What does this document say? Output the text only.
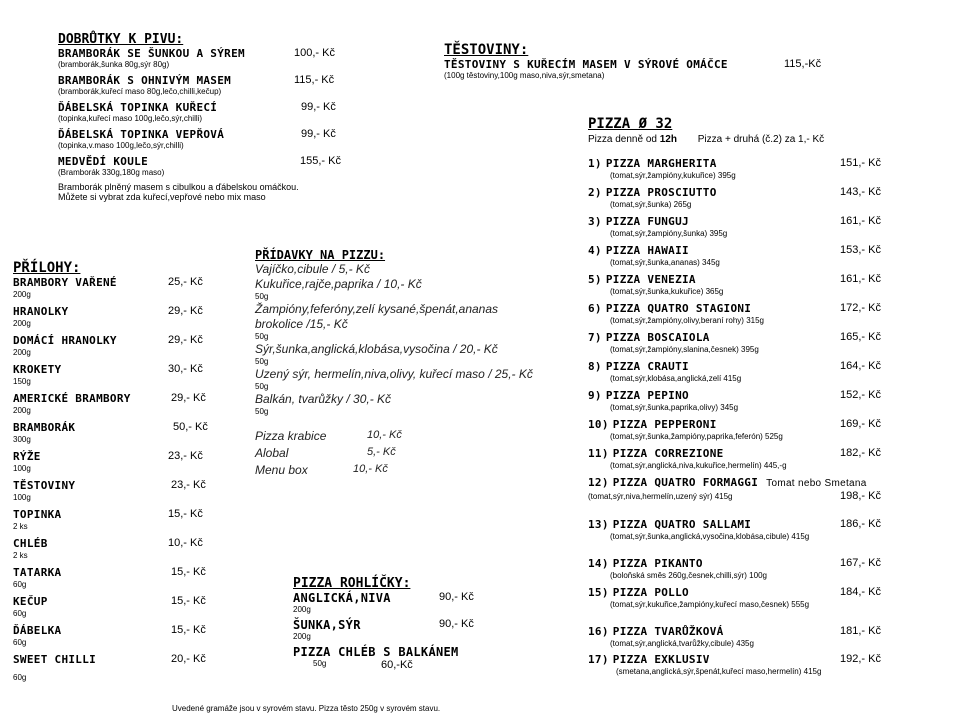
DOBRŮTKY K PIVU:
BRAMBORÁK SE ŠUNKOU A SÝREM	100,- Kč
(bramborák,šunka 80g,sýr 80g)
BRAMBORÁK S OHNIVÝM MASEM	115,- Kč
(bramborák,kuřecí maso 80g,lečo,chilli,kečup)
ĎÁBELSKÁ TOPINKA KUŘECÍ	99,- Kč
(topinka,kuřecí maso 100g,lečo,sýr,chilli)
ĎÁBELSKÁ TOPINKA VEPŘOVÁ	99,- Kč
(topinka,v.maso 100g,lečo,sýr,chilli)
MEDVĚDÍ KOULE	155,- Kč
(Bramborák 330g,180g maso)
Bramborák plněný masem s cibulkou a ďábelskou omáčkou.
Můžete si vybrat zda kuřecí,vepřové nebo mix maso
TĚSTOVINY:
TĚSTOVINY S KUŘECÍM MASEM V SÝROVÉ OMÁČCE	115,-Kč
(100g těstoviny,100g maso,niva,sýr,smetana)
PŘÍLOHY:
BRAMBORY VAŘENÉ	25,- Kč
200g
HRANOLKY	29,- Kč
200g
DOMÁCÍ HRANOLKY	29,- Kč
200g
KROKETY	30,- Kč
150g
AMERICKÉ BRAMBORY	29,- Kč
200g
BRAMBORÁK	50,- Kč
300g
RÝŽE	23,- Kč
100g
TĚSTOVINY	23,- Kč
100g
TOPINKA	15,- Kč
2 ks
CHLÉB	10,- Kč
2 ks
TATARKA	15,- Kč
60g
KEČUP	15,- Kč
60g
ĎÁBELKA	15,- Kč
60g
SWEET CHILLI	20,- Kč
60g
PŘÍDAVKY NA PIZZU:
Vajíčko,cibule / 5,- Kč
Kukuřice,rajče,paprika / 10,- Kč
50g
Žampióny,feferóny,zelí kysané,špenát,ananas
brokolice /15,- Kč
50g
Sýr,šunka,anglická,klobása,vysočina / 20,- Kč
50g
Uzený sýr, hermelín,niva,olivy, kuřecí maso / 25,- Kč
50g
Balkán, tvarůžky / 30,- Kč
50g
Pizza krabice	10,- Kč
Alobal	5,- Kč
Menu box	10,- Kč
PIZZA ROHLÍČKY:
ANGLICKÁ,NIVA	90,- Kč
200g
ŠUNKA,SÝR	90,- Kč
200g
PIZZA CHLÉB S BALKÁNEM
50g	60,-Kč
Uvedené gramáže jsou v syrovém stavu. Pizza těsto 250g v syrovém stavu.
PIZZA Ø 32
Pizza denně od 12h Pizza + druhá (č.2) za 1,- Kč
1) PIZZA MARGHERITA	151,- Kč
(tomat,sýr,žampióny,kukuřice) 395g
2) PIZZA PROSCIUTTO	143,- Kč
(tomat,sýr,šunka) 265g
3) PIZZA FUNGUJ	161,- Kč
(tomat,sýr,žampióny,šunka) 395g
4) PIZZA HAWAII	153,- Kč
(tomat,sýr,šunka,ananas) 345g
5) PIZZA VENEZIA	161,- Kč
(tomat,sýr,šunka,kukuřice) 365g
6) PIZZA QUATRO STAGIONI	172,- Kč
(tomat,sýr,žampióny,olivy,beraní rohy) 315g
7) PIZZA BOSCAIOLA	165,- Kč
(tomat,sýr,žampióny,slanina,česnek) 395g
8) PIZZA CRAUTI	164,- Kč
(tomat,sýr,klobása,anglická,zelí 415g
9) PIZZA PEPINO	152,- Kč
(tomat,sýr,šunka,paprika,olivy) 345g
10) PIZZA PEPPERONI	169,- Kč
(tomat,sýr,šunka,žampióny,paprika,feferón) 525g
11) PIZZA CORREZIONE	182,- Kč
(tomat,sýr,anglická,niva,kukuřice,hermelín) 445,-g
12) PIZZA QUATRO FORMAGGI Tomat nebo Smetana
198,- Kč
(tomat,sýr,niva,hermelín,uzený sýr) 415g
13) PIZZA QUATRO SALLAMI	186,- Kč
(tomat,sýr,šunka,anglická,vysočina,klobása,cibule) 415g
14) PIZZA PIKANTO	167,- Kč
(boloňská směs 260g,česnek,chilli,sýr) 100g
15) PIZZA POLLO	184,- Kč
(tomat,sýr,kukuřice,žampióny,kuřecí maso,česnek) 555g
16) PIZZA TVARŮŽKOVÁ	181,- Kč
(tomat,sýr,anglická,tvarůžky,cibule) 435g
17) PIZZA EXKLUSIV	192,- Kč
(smetana,anglická,sýr,špenát,kuřecí maso,hermelín) 415g
